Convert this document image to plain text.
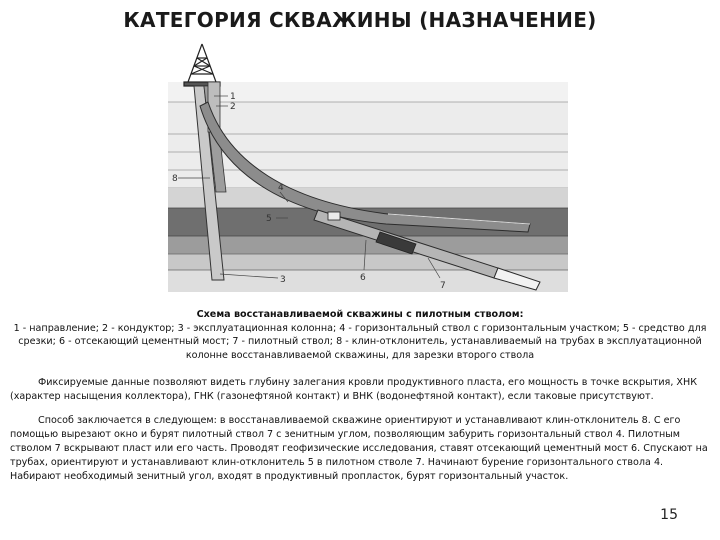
КАТЕГОРИЯ СКВАЖИНЫ (НАЗНАЧЕНИЕ)
1
2
3
4
5
6
7
8
Схема восстанавливаемой скважины с пилотным стволом:
1 - направление; 2 - кондуктор; 3 - эксплуатационная колонна; 4 - горизонтальный ствол с горизонтальным участком; 5 - средство для срезки; 6 - отсекающий цементный мост; 7 - пилотный ствол; 8 - клин-отклонитель, устанавливаемый на трубах в эксплуатационной колонне восстанавливаемой скважины, для зарезки второго ствола
Фиксируемые данные позволяют видеть глубину залегания кровли продуктивного пласта, его мощность в точке вскрытия, ХНК (характер насыщения коллектора), ГНК (газонефтяной контакт) и ВНК (водонефтяной контакт), если таковые присутствуют.
Способ заключается в следующем: в восстанавливаемой скважине ориентируют и устанавливают клин-отклонитель 8. С его помощью вырезают окно и бурят пилотный ствол 7 с зенитным углом, позволяющим забурить горизонтальный ствол 4. Пилотным стволом 7 вскрывают пласт или его часть. Проводят геофизические исследования, ставят отсекающий цементный мост 6. Спускают на трубах, ориентируют и устанавливают клин-отклонитель 5 в пилотном стволе 7. Начинают бурение горизонтального ствола 4. Набирают необходимый зенитный угол, входят в продуктивный пропласток, бурят горизонтальный участок.
15
